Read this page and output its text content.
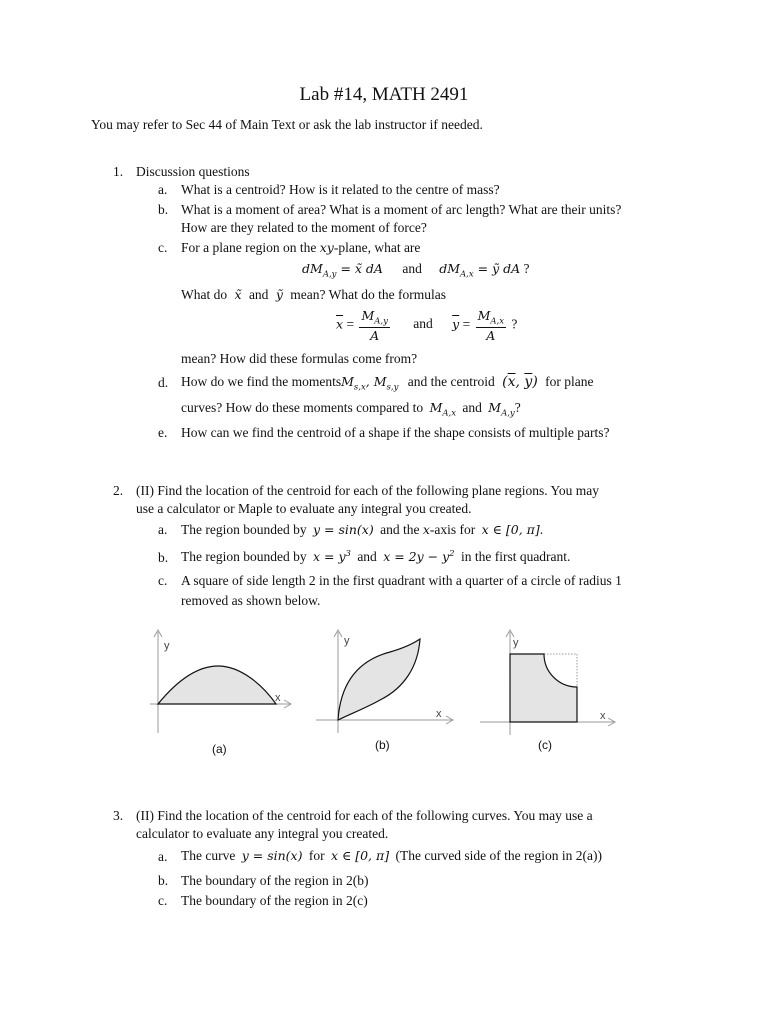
Lab #14, MATH 2491
You may refer to Sec 44 of Main Text or ask the lab instructor if needed.
1. Discussion questions
a. What is a centroid? How is it related to the centre of mass?
b. What is a moment of area? What is a moment of arc length? What are their units?
How are they related to the moment of force?
c. For a plane region on the xy-plane, what are
$dM_{A,y}$ = x̃ dA and $dM_{A,x}$ = ỹ dA ?
What do x̃ and ỹ mean? What do the formulas
$\overline{x} = \frac{M_{A,y}}{A}$ and $\overline{y} = \frac{M_{A,x}}{A}$ ?
mean? How did these formulas come from?
d. How do we find the momentsM$_{s,x}$, $M_{s,y}$ and the centroid ($\overline{x}$, $\overline{y}$) for plane
curves? How do these moments compared to $M_{A,x}$ and $M_{A,y}$?
e. How can we find the centroid of a shape if the shape consists of multiple parts?
2. (II) Find the location of the centroid for each of the following plane regions. You may
use a calculator or Maple to evaluate any integral you created.
a. The region bounded by y = sin(x) and the x-axis for x ∈ [0, π].
b. The region bounded by $x = y^3$ and $x = 2y - y^2$ in the first quadrant.
c. A square of side length 2 in the first quadrant with a quarter of a circle of radius 1
removed as shown below.
y
x
y
x
y
x
(a)	(b)	(c)
3. (II) Find the location of the centroid for each of the following curves. You may use a
calculator to evaluate any integral you created.
a. The curve y = sin(x) for x ∈ [0, π] (The curved side of the region in 2(a))
b. The boundary of the region in 2(b)
c. The boundary of the region in 2(c)
